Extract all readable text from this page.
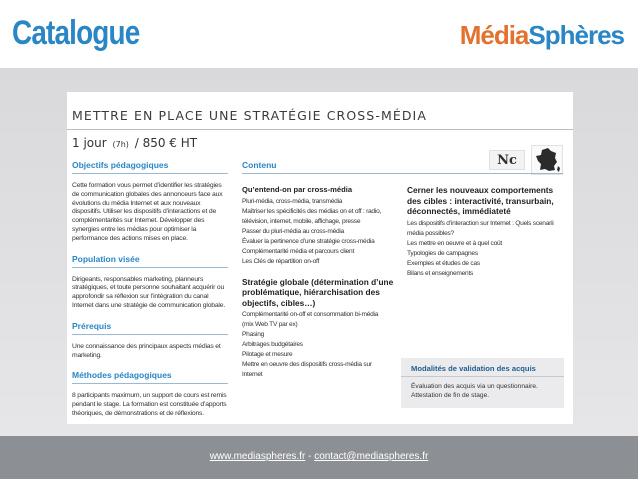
Catalogue	MédiaSphères
METTRE EN PLACE UNE STRATÉGIE CROSS-MÉDIA
1 jour (7h) / 850 € HT
Nc
Objectifs pédagogiques
Cette formation vous permet d’identifier les stratégies de communication globales des annonceurs face aux évolutions du média Internet et aux nouveaux dispositifs. Utiliser les dispositifs d’interactions et de complémentarités sur Internet. Développer des synergies entre les médias pour optimiser la performance des actions mises en place.
Population visée
Dirigeants, responsables marketing, planneurs stratégiques, et toute personne souhaitant acquérir ou approfondir sa réflexion sur l’intégration du canal Internet dans une stratégie de communication globale.
Prérequis
Une connaissance des principaux aspects médias et marketing.
Méthodes pédagogiques
8 participants maximum, un support de cours est remis pendant le stage. La formation est constituée d’apports théoriques, de démonstrations et de réflexions.
Contenu
Qu’entend-on par cross-média
Pluri-média, cross-média, transmédia
Maîtriser les spécificités des médias on et off : radio,
télévision, internet, mobile, affichage, presse
Passer du pluri-média au cross-média
Évaluer la pertinence d’une stratégie cross-média
Complémentarité média et parcours client
Les Clés de répartition on-off
Stratégie globale (détermination d’une problématique, hiérarchisation des objectifs, cibles…)
Complémentarité on-off et consommation bi-média
(mix Web TV par ex)
Phasing
Arbitrages budgétaires
Pilotage et mesure
Mettre en oeuvre des dispositifs cross-média sur
Internet
Cerner les nouveaux comportements des cibles : interactivité, transurbain, déconnectés, immédiateté
Les dispositifs d’interaction sur Internet : Quels scenarii
média possibles?
Les mettre en oeuvre et à quel coût
Typologies de campagnes
Exemples et études de cas
Bilans et enseignements
Modalités de validation des acquis
Évaluation des acquis via un questionnaire. Attestation de fin de stage.
www.mediaspheres.fr - contact@mediaspheres.fr
